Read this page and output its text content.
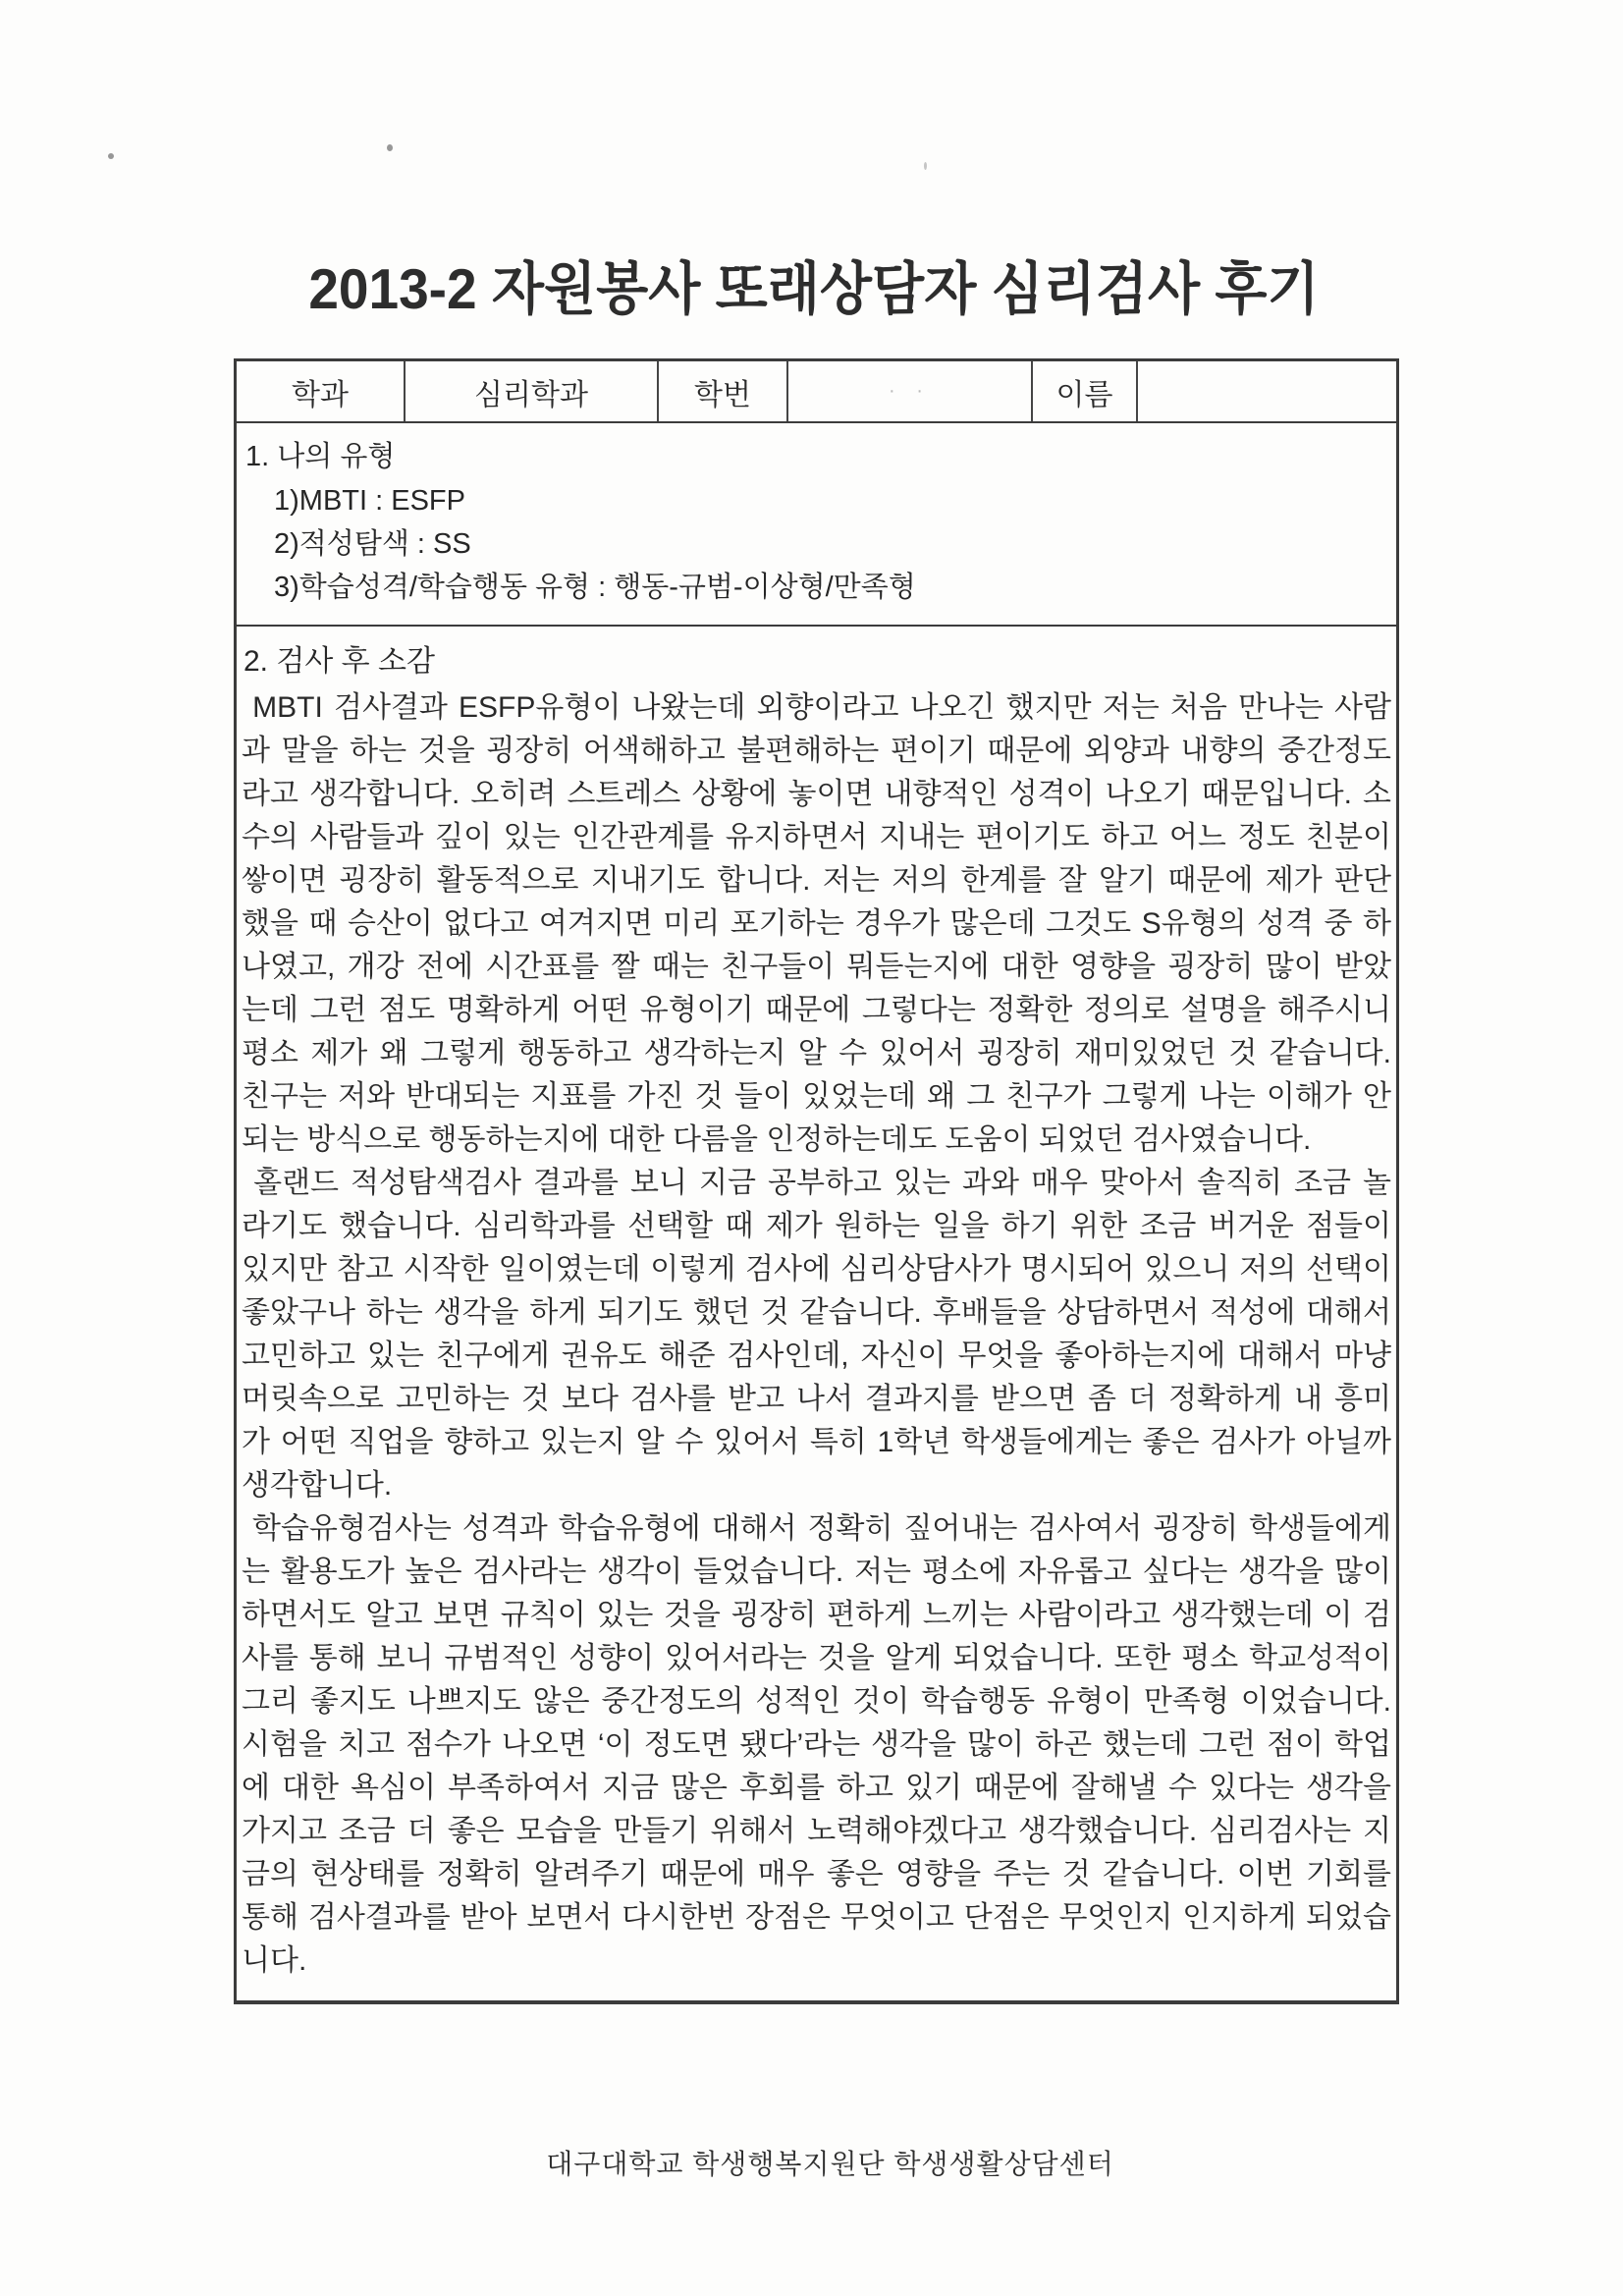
2013-2 자원봉사 또래상담자 심리검사 후기
학과	심리학과	학번	· ·	이름
1. 나의 유형
1)MBTI : ESFP
2)적성탐색 : SS
3)학습성격/학습행동 유형 : 행동-규범-이상형/만족형
2. 검사 후 소감
MBTI 검사결과 ESFP유형이 나왔는데 외향이라고 나오긴 했지만 저는 처음 만나는 사람
과 말을 하는 것을 굉장히 어색해하고 불편해하는 편이기 때문에 외양과 내향의 중간정도
라고 생각합니다. 오히려 스트레스 상황에 놓이면 내향적인 성격이 나오기 때문입니다. 소
수의 사람들과 깊이 있는 인간관계를 유지하면서 지내는 편이기도 하고 어느 정도 친분이
쌓이면 굉장히 활동적으로 지내기도 합니다. 저는 저의 한계를 잘 알기 때문에 제가 판단
했을 때 승산이 없다고 여겨지면 미리 포기하는 경우가 많은데 그것도 S유형의 성격 중 하
나였고, 개강 전에 시간표를 짤 때는 친구들이 뭐듣는지에 대한 영향을 굉장히 많이 받았
는데 그런 점도 명확하게 어떤 유형이기 때문에 그렇다는 정확한 정의로 설명을 해주시니
평소 제가 왜 그렇게 행동하고 생각하는지 알 수 있어서 굉장히 재미있었던 것 같습니다.
친구는 저와 반대되는 지표를 가진 것 들이 있었는데 왜 그 친구가 그렇게 나는 이해가 안
되는 방식으로 행동하는지에 대한 다름을 인정하는데도 도움이 되었던 검사였습니다.
홀랜드 적성탐색검사 결과를 보니 지금 공부하고 있는 과와 매우 맞아서 솔직히 조금 놀
라기도 했습니다. 심리학과를 선택할 때 제가 원하는 일을 하기 위한 조금 버거운 점들이
있지만 참고 시작한 일이였는데 이렇게 검사에 심리상담사가 명시되어 있으니 저의 선택이
좋았구나 하는 생각을 하게 되기도 했던 것 같습니다. 후배들을 상담하면서 적성에 대해서
고민하고 있는 친구에게 권유도 해준 검사인데, 자신이 무엇을 좋아하는지에 대해서 마냥
머릿속으로 고민하는 것 보다 검사를 받고 나서 결과지를 받으면 좀 더 정확하게 내 흥미
가 어떤 직업을 향하고 있는지 알 수 있어서 특히 1학년 학생들에게는 좋은 검사가 아닐까
생각합니다.
학습유형검사는 성격과 학습유형에 대해서 정확히 짚어내는 검사여서 굉장히 학생들에게
는 활용도가 높은 검사라는 생각이 들었습니다. 저는 평소에 자유롭고 싶다는 생각을 많이
하면서도 알고 보면 규칙이 있는 것을 굉장히 편하게 느끼는 사람이라고 생각했는데 이 검
사를 통해 보니 규범적인 성향이 있어서라는 것을 알게 되었습니다. 또한 평소 학교성적이
그리 좋지도 나쁘지도 않은 중간정도의 성적인 것이 학습행동 유형이 만족형 이었습니다.
시험을 치고 점수가 나오면 ‘이 정도면 됐다’라는 생각을 많이 하곤 했는데 그런 점이 학업
에 대한 욕심이 부족하여서 지금 많은 후회를 하고 있기 때문에 잘해낼 수 있다는 생각을
가지고 조금 더 좋은 모습을 만들기 위해서 노력해야겠다고 생각했습니다. 심리검사는 지
금의 현상태를 정확히 알려주기 때문에 매우 좋은 영향을 주는 것 같습니다. 이번 기회를
통해 검사결과를 받아 보면서 다시한번 장점은 무엇이고 단점은 무엇인지 인지하게 되었습
니다.
대구대학교 학생행복지원단 학생생활상담센터
